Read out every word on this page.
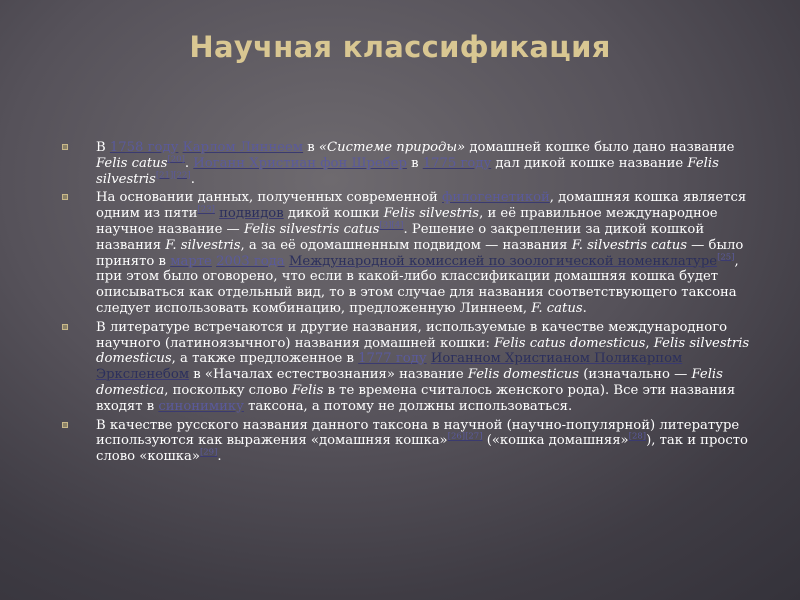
Научная классификация
В 1758 году Карлом Линнеем в «Системе природы» домашней кошке было дано название Felis catus[20]. Иоганн Христиан фон Шребер в 1775 году дал дикой кошке название Felis silvestris[21][22].
На основании данных, полученных современной филогенетикой, домашняя кошка является одним из пяти[23] подвидов дикой кошки Felis silvestris, и её правильное международное научное название — Felis silvestris catus[3][4]. Решение о закреплении за дикой кошкой названия F. silvestris, а за её одомашненным подвидом — названия F. silvestris catus — было принято в марте 2003 года Международной комиссией по зоологической номенклатуре[25], при этом было оговорено, что если в какой-либо классификации домашняя кошка будет описываться как отдельный вид, то в этом случае для названия соответствующего таксона следует использовать комбинацию, предложенную Линнеем, F. catus.
В литературе встречаются и другие названия, используемые в качестве международного научного (латиноязычного) названия домашней кошки: Felis catus domesticus, Felis silvestris domesticus, а также предложенное в 1777 году Иоганном Христианом Поликарпом Эрксленебом в «Началах естествознания» название Felis domesticus (изначально — Felis domestica, поскольку слово Felis в те времена считалось женского рода). Все эти названия входят в синонимику таксона, а потому не должны использоваться.
В качестве русского названия данного таксона в научной (научно-популярной) литературе используются как выражения «домашняя кошка»[26][27] («кошка домашняя»[28]), так и просто слово «кошка»[29].
